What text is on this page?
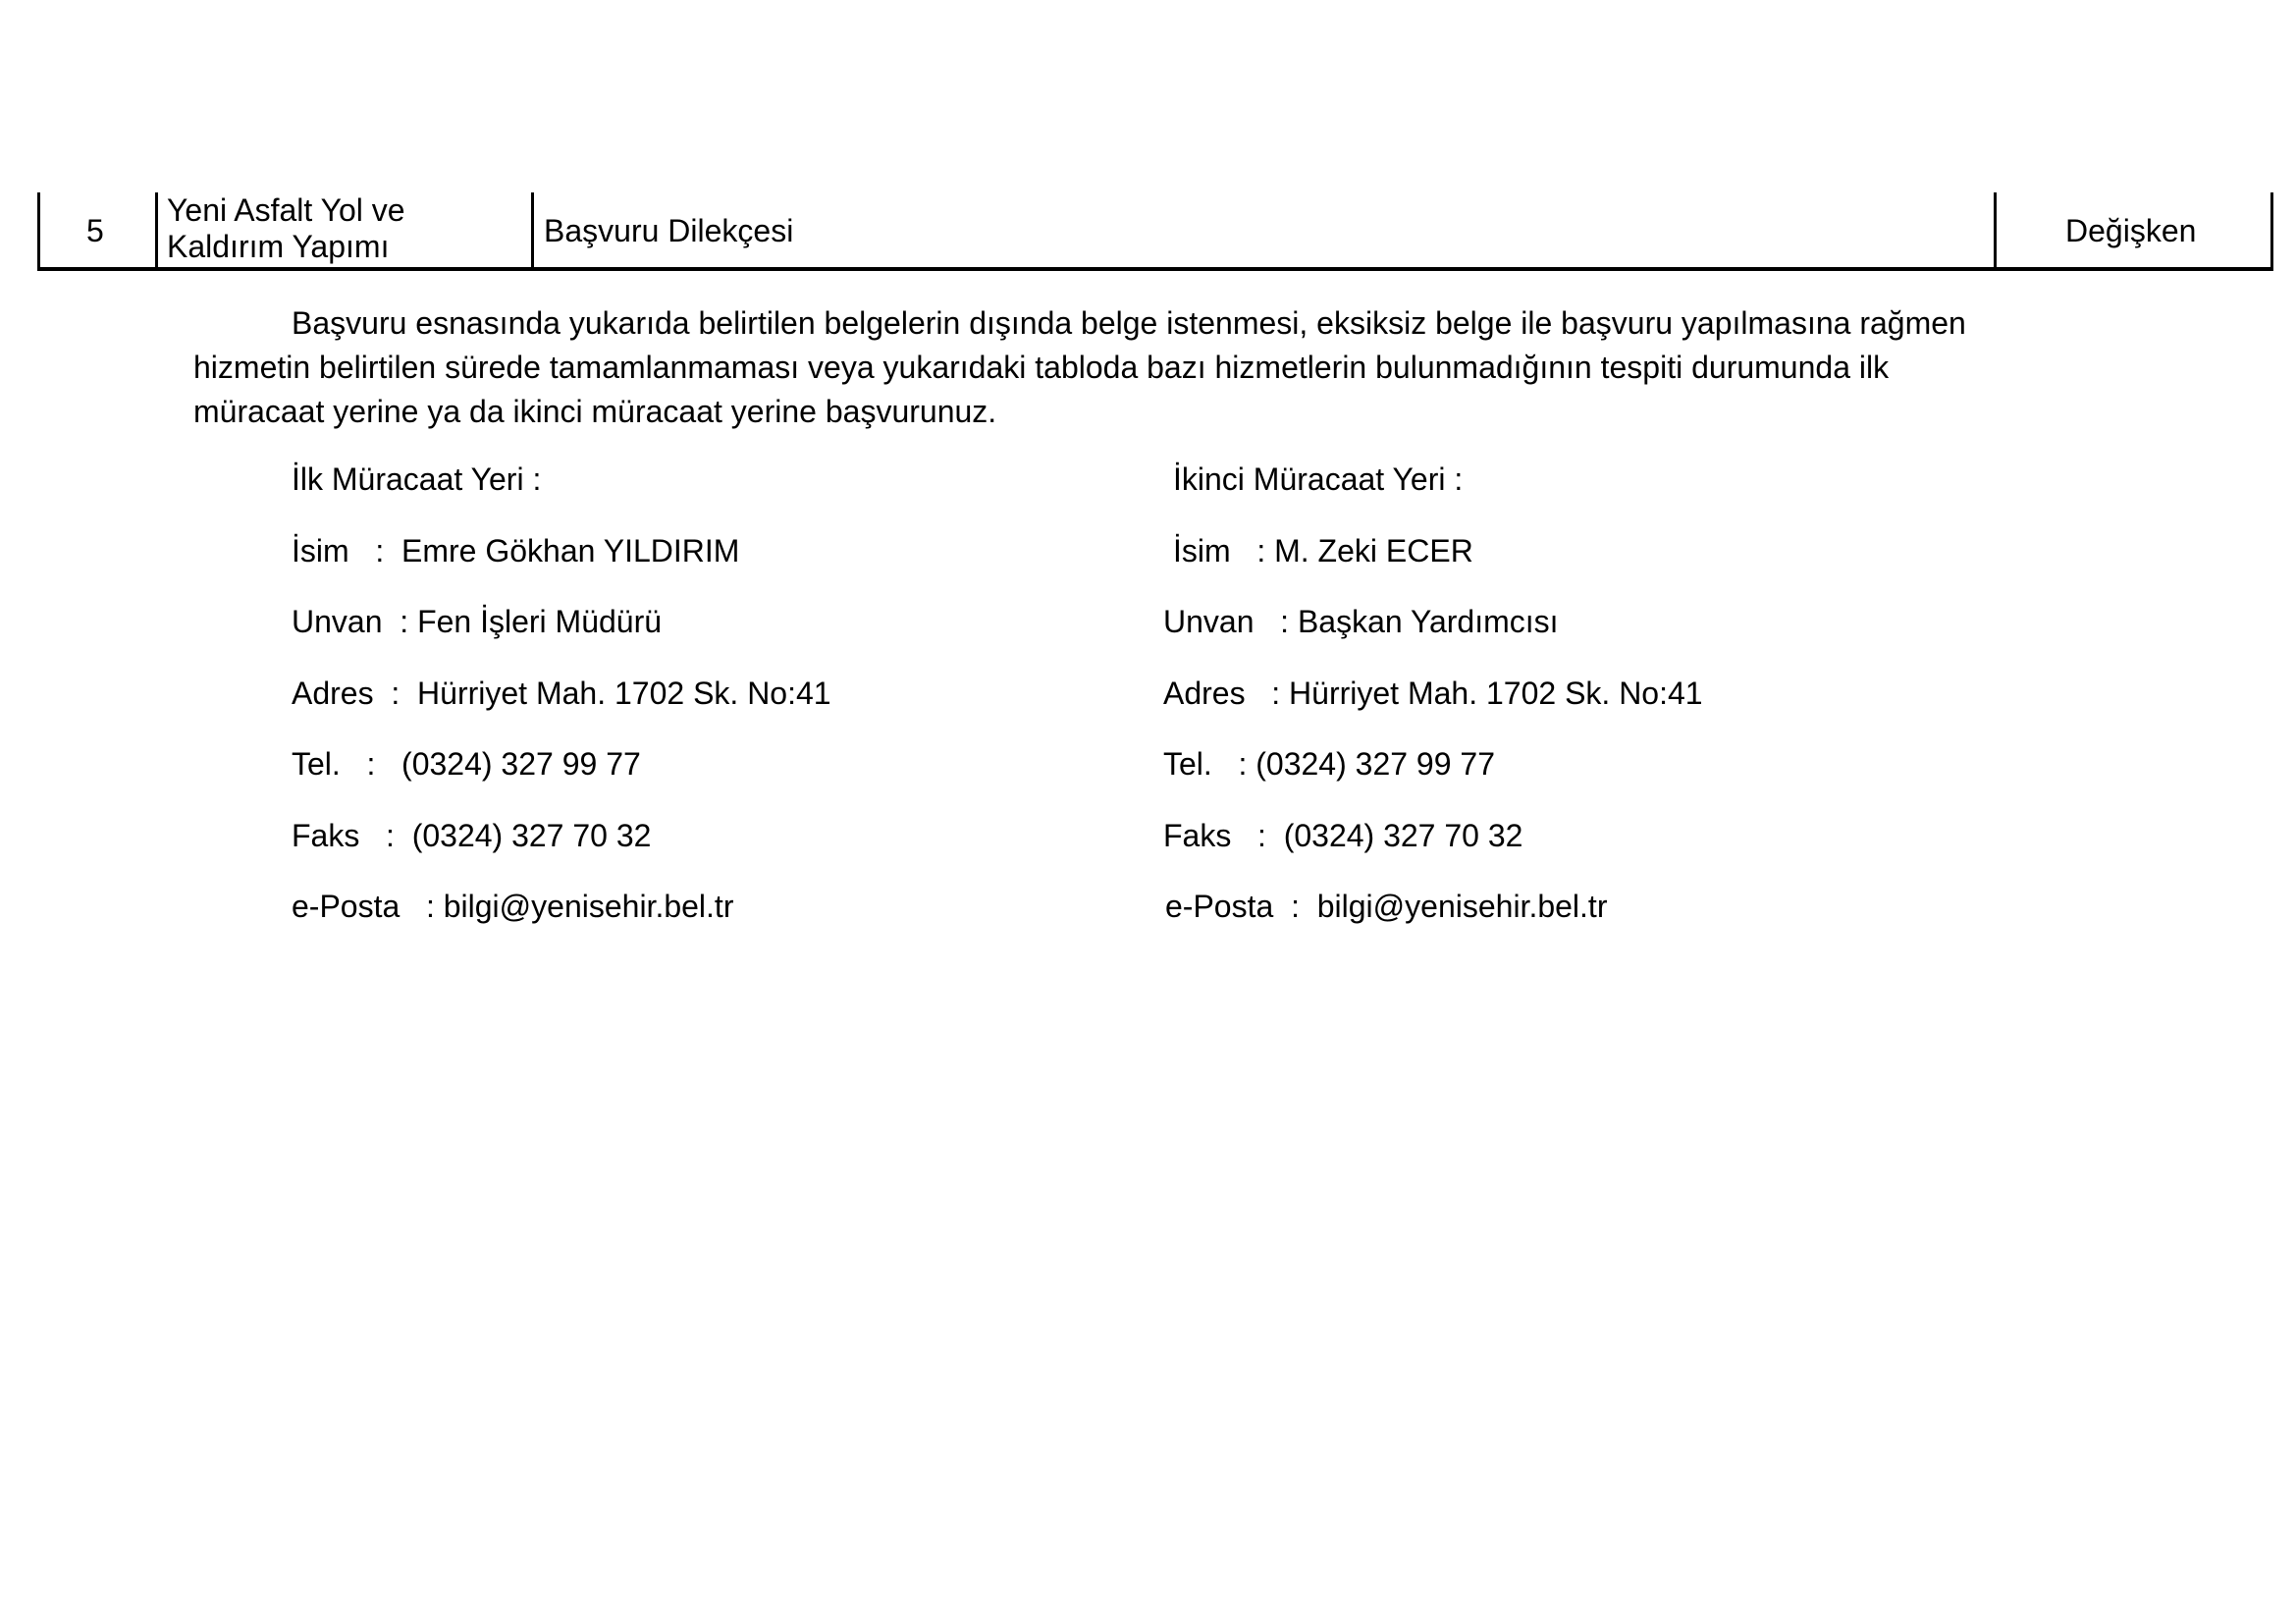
5
Yeni Asfalt Yol ve
Kaldırım Yapımı	Başvuru Dilekçesi	Değişken
Başvuru esnasında yukarıda belirtilen belgelerin dışında belge istenmesi, eksiksiz belge ile başvuru yapılmasına rağmen
hizmetin belirtilen sürede tamamlanmaması veya yukarıdaki tabloda bazı hizmetlerin bulunmadığının tespiti durumunda ilk
müracaat yerine ya da ikinci müracaat yerine başvurunuz.
İlk Müracaat Yeri :
İsim   :  Emre Gökhan YILDIRIM
Unvan  : Fen İşleri Müdürü
Adres  :  Hürriyet Mah. 1702 Sk. No:41
Tel.   :   (0324) 327 99 77
Faks   :  (0324) 327 70 32
e-Posta   : bilgi@yenisehir.bel.tr
İkinci Müracaat Yeri :
İsim   : M. Zeki ECER
Unvan   : Başkan Yardımcısı
Adres   : Hürriyet Mah. 1702 Sk. No:41
Tel.   : (0324) 327 99 77
Faks   :  (0324) 327 70 32
e-Posta  :  bilgi@yenisehir.bel.tr
